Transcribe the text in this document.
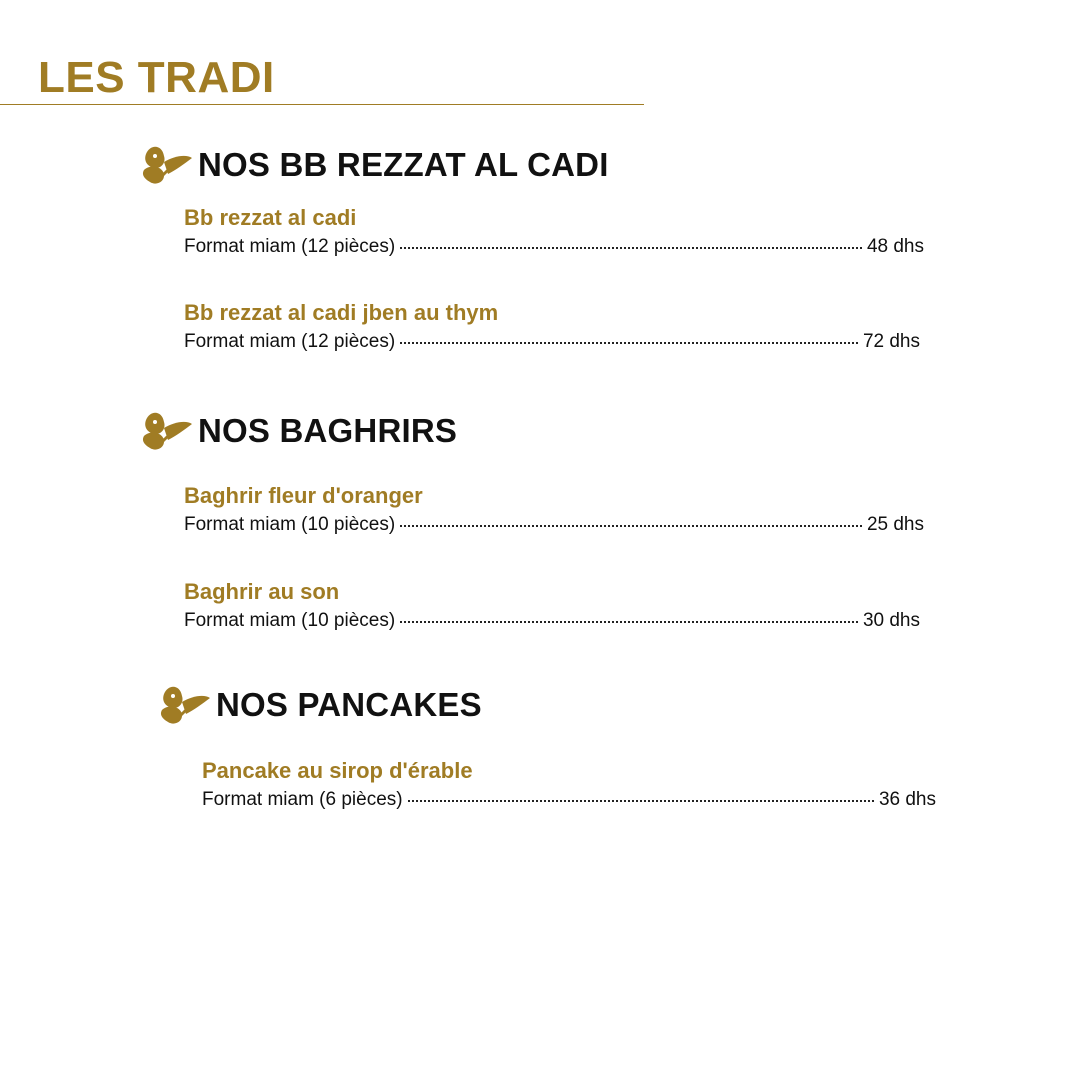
LES TRADI
NOS BB REZZAT AL CADI
Bb rezzat al cadi
Format miam (12 pièces)	48 dhs
Bb rezzat al cadi jben au thym
Format miam (12 pièces)	72 dhs
NOS BAGHRIRS
Baghrir fleur d'oranger
Format miam (10 pièces)	25 dhs
Baghrir au son
Format miam (10 pièces)	30 dhs
NOS PANCAKES
Pancake au sirop d'érable
Format miam (6 pièces)	36 dhs
